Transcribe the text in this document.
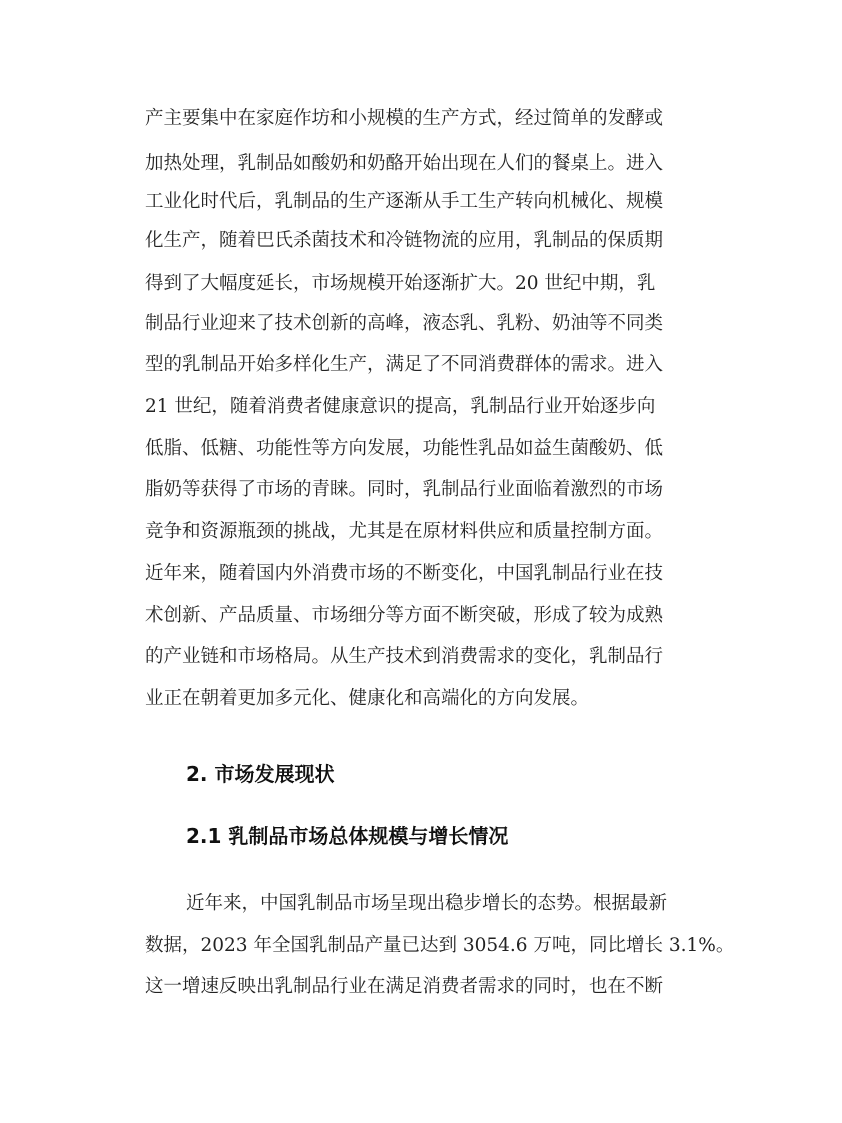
产主要集中在家庭作坊和小规模的生产方式，经过简单的发酵或
加热处理，乳制品如酸奶和奶酪开始出现在人们的餐桌上。进入
工业化时代后，乳制品的生产逐渐从手工生产转向机械化、规模
化生产，随着巴氏杀菌技术和冷链物流的应用，乳制品的保质期
得到了大幅度延长，市场规模开始逐渐扩大。20 世纪中期，乳
制品行业迎来了技术创新的高峰，液态乳、乳粉、奶油等不同类
型的乳制品开始多样化生产，满足了不同消费群体的需求。进入
21 世纪，随着消费者健康意识的提高，乳制品行业开始逐步向
低脂、低糖、功能性等方向发展，功能性乳品如益生菌酸奶、低
脂奶等获得了市场的青睐。同时，乳制品行业面临着激烈的市场
竞争和资源瓶颈的挑战，尤其是在原材料供应和质量控制方面。
近年来，随着国内外消费市场的不断变化，中国乳制品行业在技
术创新、产品质量、市场细分等方面不断突破，形成了较为成熟
的产业链和市场格局。从生产技术到消费需求的变化，乳制品行
业正在朝着更加多元化、健康化和高端化的方向发展。
2. 市场发展现状
2.1 乳制品市场总体规模与增长情况
近年来，中国乳制品市场呈现出稳步增长的态势。根据最新
数据，2023 年全国乳制品产量已达到 3054.6 万吨，同比增长 3.1%。
这一增速反映出乳制品行业在满足消费者需求的同时，也在不断
